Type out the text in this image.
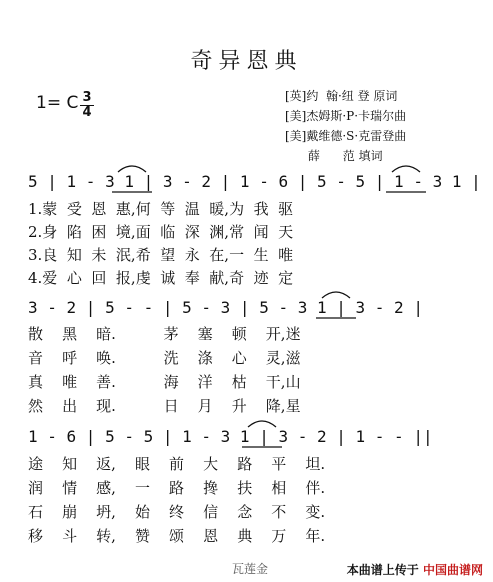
奇异恩典
1= C $\frac{3}{4}$	[英]约  翰·纽 登 原词
[美]杰姆斯·P·卡瑞尔曲
[美]戴维德·S·克雷登曲
薛      范 填词
5 | 1 - 3 1 | 3 - 2 | 1 - 6 | 5 - 5 | 1 - 3 1 |
1.蒙  受  恩  惠,何  等  温  暖,为  我  驱
2.身  陷  困  境,面  临  深  渊,常  闻  天
3.良  知  未  泯,希  望  永  在,一  生  唯
4.爱  心  回  报,虔  诚  奉  献,奇  迹  定
3 - 2 | 5 - - | 5 - 3 | 5 - 3 1 | 3 - 2 |
散    黑    暗.          茅    塞    顿    开,迷
音    呼    唤.          洗    涤    心    灵,滋
真    唯    善.          海    洋    枯    干,山
然    出    现.          日    月    升    降,星
1 - 6 | 5 - 5 | 1 - 3 1 | 3 - 2 | 1 - - ||
途    知    返,    眼    前    大    路    平    坦.
润    情    感,    一    路    搀    扶    相    伴.
石    崩    坍,    始    终    信    念    不    变.
移    斗    转,    赞    颂    恩    典    万    年.
瓦莲金	本曲谱上传于 中国曲谱网
